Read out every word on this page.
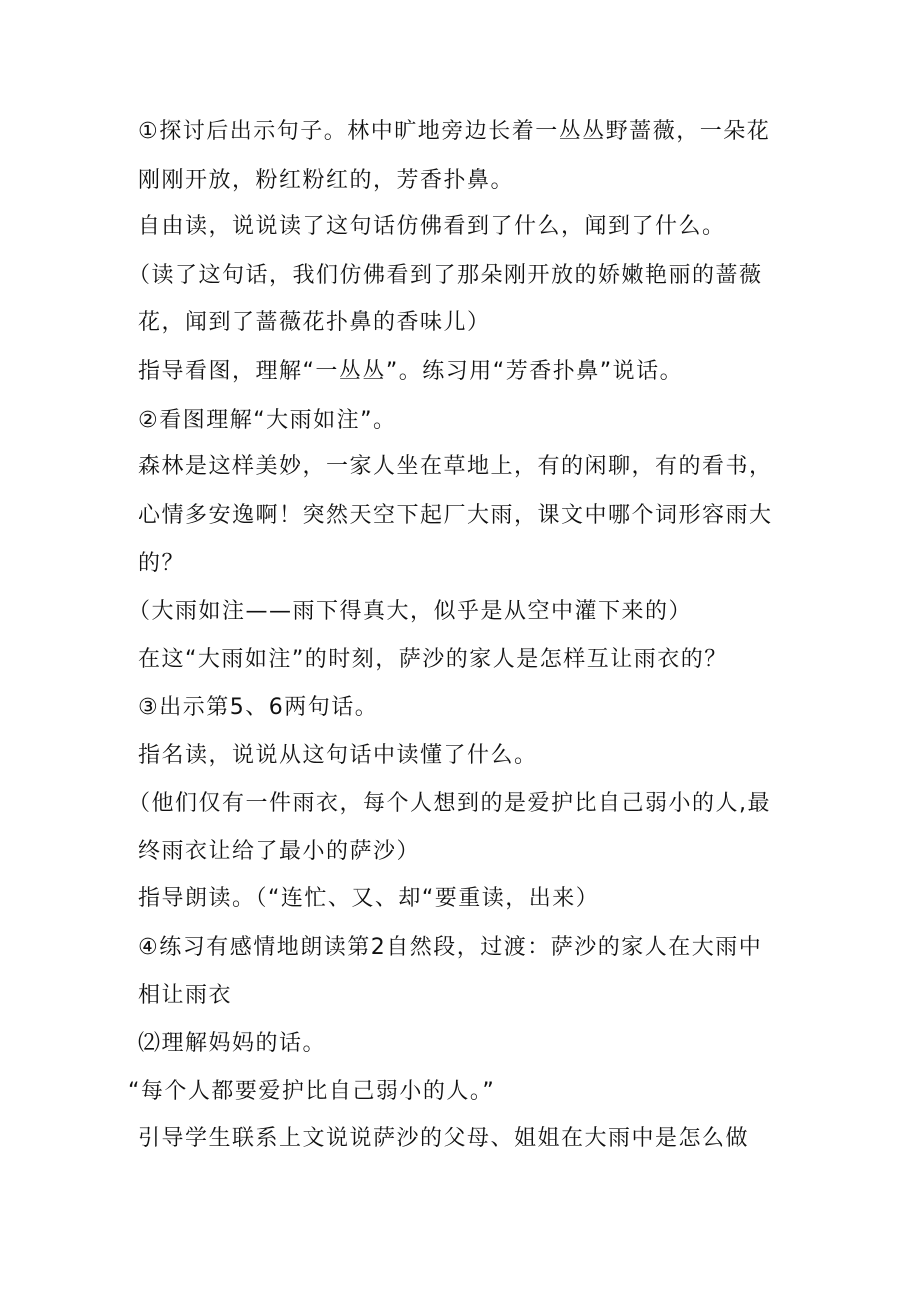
①探讨后出示句子。林中旷地旁边长着一丛丛野蔷薇，一朵花
刚刚开放，粉红粉红的，芳香扑鼻。
自由读，说说读了这句话仿佛看到了什么，闻到了什么。
（读了这句话，我们仿佛看到了那朵刚开放的娇嫩艳丽的蔷薇
花，闻到了蔷薇花扑鼻的香味儿）
指导看图，理解“一丛丛”。练习用“芳香扑鼻”说话。
②看图理解“大雨如注”。
森林是这样美妙，一家人坐在草地上，有的闲聊，有的看书，
心情多安逸啊！突然天空下起厂大雨，课文中哪个词形容雨大
的？
（大雨如注——雨下得真大，似乎是从空中灌下来的）
在这“大雨如注”的时刻，萨沙的家人是怎样互让雨衣的？
③出示第5、6两句话。
指名读，说说从这句话中读懂了什么。
（他们仅有一件雨衣，每个人想到的是爱护比自己弱小的人,最
终雨衣让给了最小的萨沙）
指导朗读。（“连忙、又、却“要重读，出来）
④练习有感情地朗读第2自然段，过渡：萨沙的家人在大雨中
相让雨衣
⑵理解妈妈的话。
“每个人都要爱护比自己弱小的人。”
引导学生联系上文说说萨沙的父母、姐姐在大雨中是怎么做
